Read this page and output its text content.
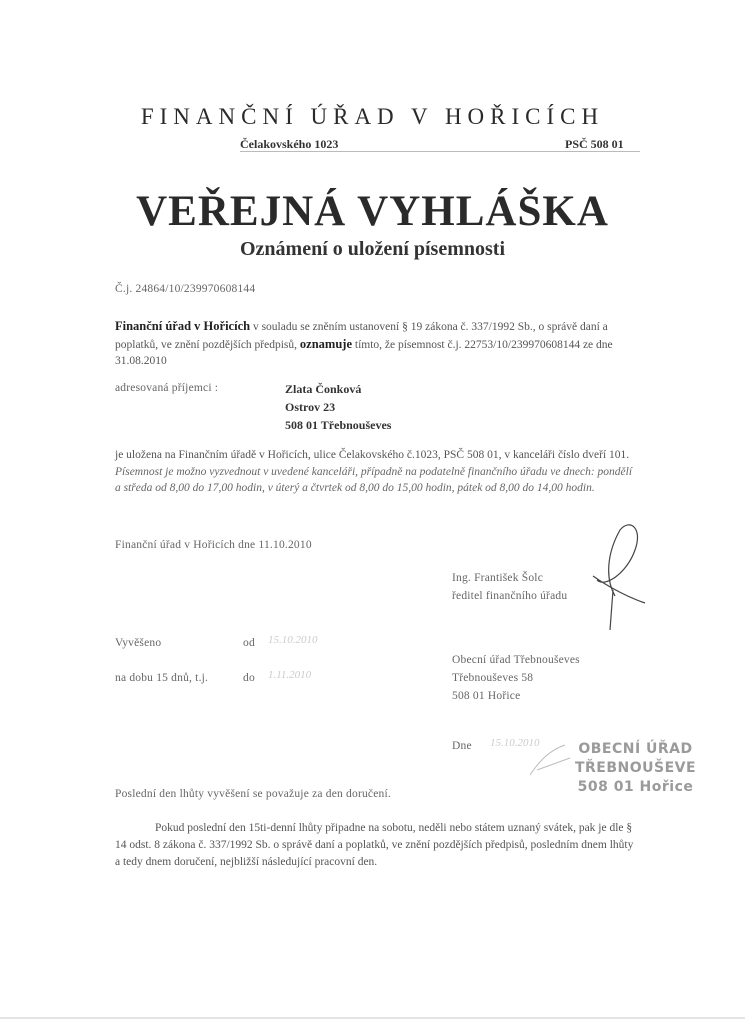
FINANČNÍ ÚŘAD V HOŘICÍCH
Čelakovského 1023	PSČ 508 01
VEŘEJNÁ VYHLÁŠKA
Oznámení o uložení písemnosti
Č.j. 24864/10/239970608144
Finanční úřad v Hořicích v souladu se zněním ustanovení § 19 zákona č. 337/1992 Sb., o správě daní a poplatků, ve znění pozdějších předpisů, oznamuje tímto, že písemnost č.j. 22753/10/239970608144 ze dne 31.08.2010
adresovaná příjemci :	Zlata Čonková
Ostrov 23
508 01 Třebnouševes
je uložena na Finančním úřadě v Hořicích, ulice Čelakovského č.1023, PSČ 508 01, v kanceláři číslo dveří 101. Písemnost je možno vyzvednout v uvedené kanceláři, případně na podatelně finančního úřadu ve dnech: pondělí a středa od 8,00 do 17,00 hodin, v úterý a čtvrtek od 8,00 do 15,00 hodin, pátek od 8,00 do 14,00 hodin.
Finanční úřad v Hořicích dne 11.10.2010
Ing. František Šolc
ředitel finančního úřadu
Vyvěšeno	od 15.10.2010
na dobu 15 dnů, t.j.	do 1.11.2010
Obecní úřad Třebnouševes
Třebnouševes 58
508 01 Hořice
Dne 15.10.2010	OBECNÍ ÚŘAD
TŘEBNOUŠEVE
508 01 Hořice
Poslední den lhůty vyvěšení se považuje za den doručení.
Pokud poslední den 15ti-denní lhůty připadne na sobotu, neděli nebo státem uznaný svátek, pak je dle § 14 odst. 8 zákona č. 337/1992 Sb. o správě daní a poplatků, ve znění pozdějších předpisů, posledním dnem lhůty a tedy dnem doručení, nejbližší následující pracovní den.
